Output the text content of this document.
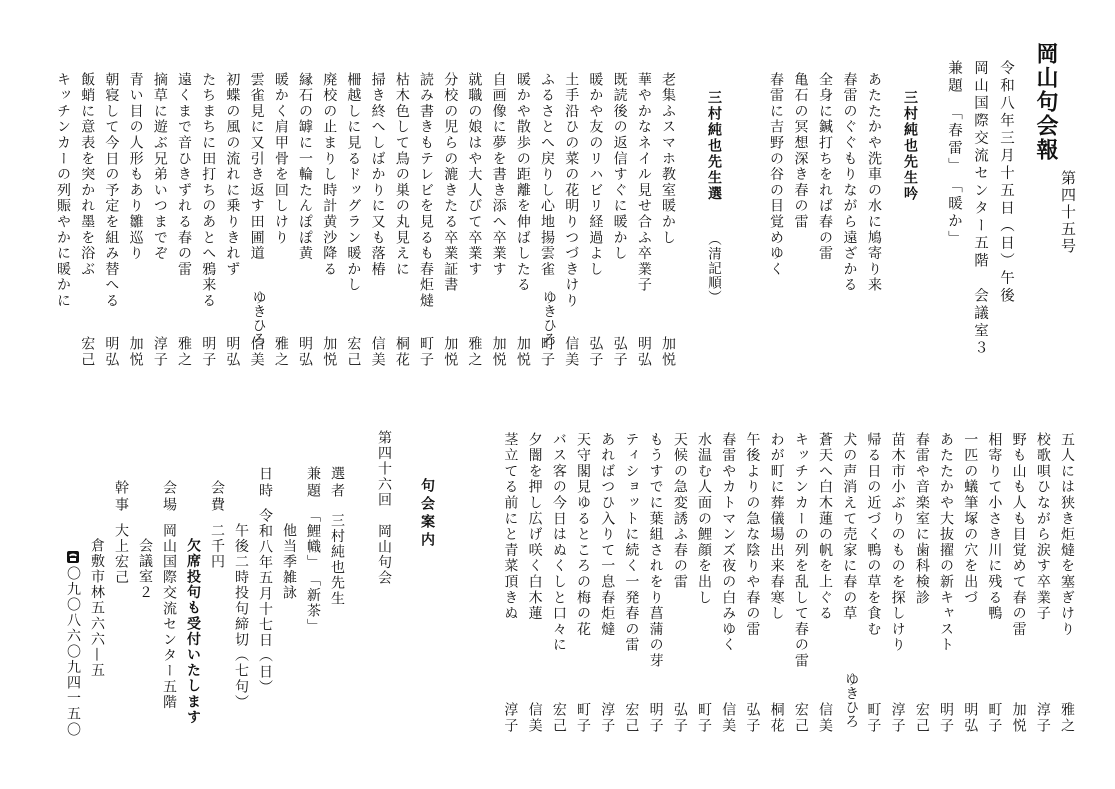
岡山句会報
第四十五号
令和八年三月十五日（日）午後
岡山国際交流センター五階　会議室３
兼題　「春雷」　「暖か」
三村純也先生吟
あたたかや洗車の水に鳩寄り来
春雷のぐぐもりながら遠ざかる
全身に鍼打ちをれば春の雷
亀石の冥想深き春の雷
春雷に吉野の谷の目覚めゆく
三村純也先生選
（清記順）
老集ふスマホ教室暖かし
加悦
華やかなネイル見せ合ふ卒業子
明弘
既読後の返信すぐに暖かし
弘子
暖かや友のリハビリ経過よし
弘子
土手沿ひの菜の花明りつづきけり
信美
ふるさとへ戻りし心地揚雲雀
町子
ゆきひろ
暖かや散歩の距離を伸ばしたる
加悦
自画像に夢を書き添へ卒業す
加悦
就職の娘はや大人びて卒業す
雅之
分校の児らの漉きたる卒業証書
加悦
読み書きもテレビを見るも春炬燵
町子
枯木色して鳥の巣の丸見えに
桐花
掃き終へしばかりに又も落椿
信美
柵越しに見るドッグラン暖かし
宏己
廃校の止まりし時計黄沙降る
加悦
縁石の罅に一輪たんぽぽ黄
明弘
暖かく肩甲骨を回しけり
雅之
雲雀見に又引き返す田圃道
信美
ゆきひろ
初蝶の風の流れに乗りきれず
明弘
たちまちに田打ちのあとへ鴉来る
明子
遠くまで音ひきずれる春の雷
雅之
摘草に遊ぶ兄弟いつまでぞ
淳子
青い目の人形もあり雛巡り
加悦
朝寝して今日の予定を組み替へる
明弘
飯蛸に意表を突かれ墨を浴ぶ
宏己
キッチンカーの列賑やかに暖かに
五人には狭き炬燵を塞ぎけり
雅之
校歌唄ひながら涙す卒業子
淳子
野も山も人も目覚めて春の雷
加悦
相寄りて小さき川に残る鴨
町子
一匹の蟻筆塚の穴を出づ
明弘
あたたかや大抜擢の新キャスト
明子
春雷や音楽室に歯科検診
宏己
苗木市小ぶりのものを探しけり
淳子
帰る日の近づく鴨の草を食む
町子
犬の声消えて売家に春の草
ゆきひろ
蒼天へ白木蓮の帆を上ぐる
信美
キッチンカーの列を乱して春の雷
宏己
わが町に葬儀場出来春寒し
桐花
午後よりの急な陰りや春の雷
弘子
春雷やカトマンズ夜の白みゆく
信美
水温む人面の鯉顔を出し
町子
天候の急変誘ふ春の雷
弘子
もうすでに葉組されをり菖蒲の芽
明子
ティショットに続く一発春の雷
宏己
あればつひ入りて一息春炬燵
淳子
天守閣見ゆるところの梅の花
町子
バス客の今日はぬくしと口々に
宏己
夕闇を押し広げ咲く白木蓮
信美
茎立てる前にと青菜頂きぬ
淳子
句会案内
第四十六回　岡山句会
選者
三村純也先生
兼題
「鯉幟」　「新茶」
他当季雑詠
日時
令和八年五月十七日（日）
午後二時投句締切（七句）
会費
二千円
欠席投句も受付いたします
会場
岡山国際交流センター五階
会議室２
幹事
大上宏己
倉敷市林五六六—五
〇九〇八六〇九四一五〇
